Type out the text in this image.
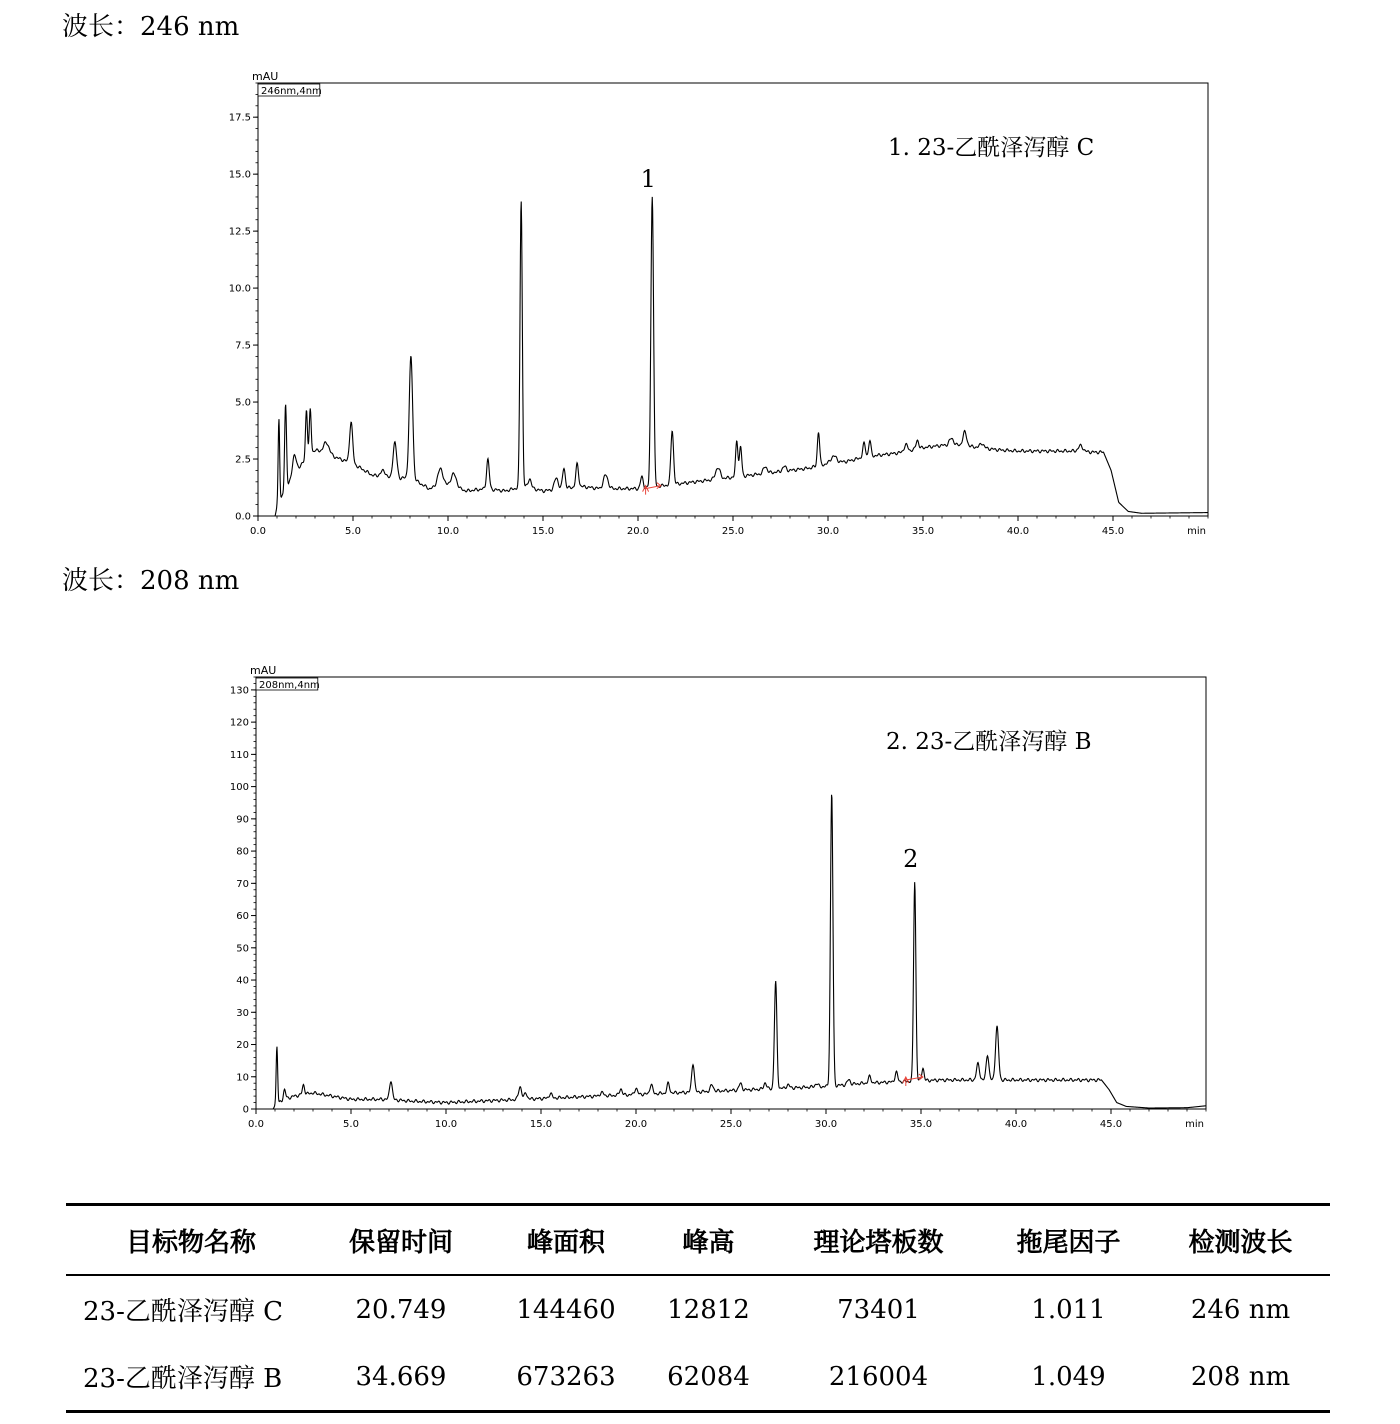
波长：246 nm
0.0
2.5
5.0
7.5
10.0
12.5
15.0
17.5
0.0	5.0	10.0	15.0	20.0	25.0	30.0	35.0	40.0	45.0
mAU
min
246nm,4nm
1. 23-乙酰泽泻醇 C
1
波长：208 nm
0
10
20
30
40
50
60
70
80
90
100
110
120
130
0.0	5.0	10.0	15.0	20.0	25.0	30.0	35.0	40.0	45.0
mAU
min
208nm,4nm
2. 23-乙酰泽泻醇 B
2
目标物名称	保留时间	峰面积	峰高	理论塔板数	拖尾因子	检测波长
23-乙酰泽泻醇 C	20.749	144460	12812	73401	1.011	246 nm
23-乙酰泽泻醇 B	34.669	673263	62084	216004	1.049	208 nm
